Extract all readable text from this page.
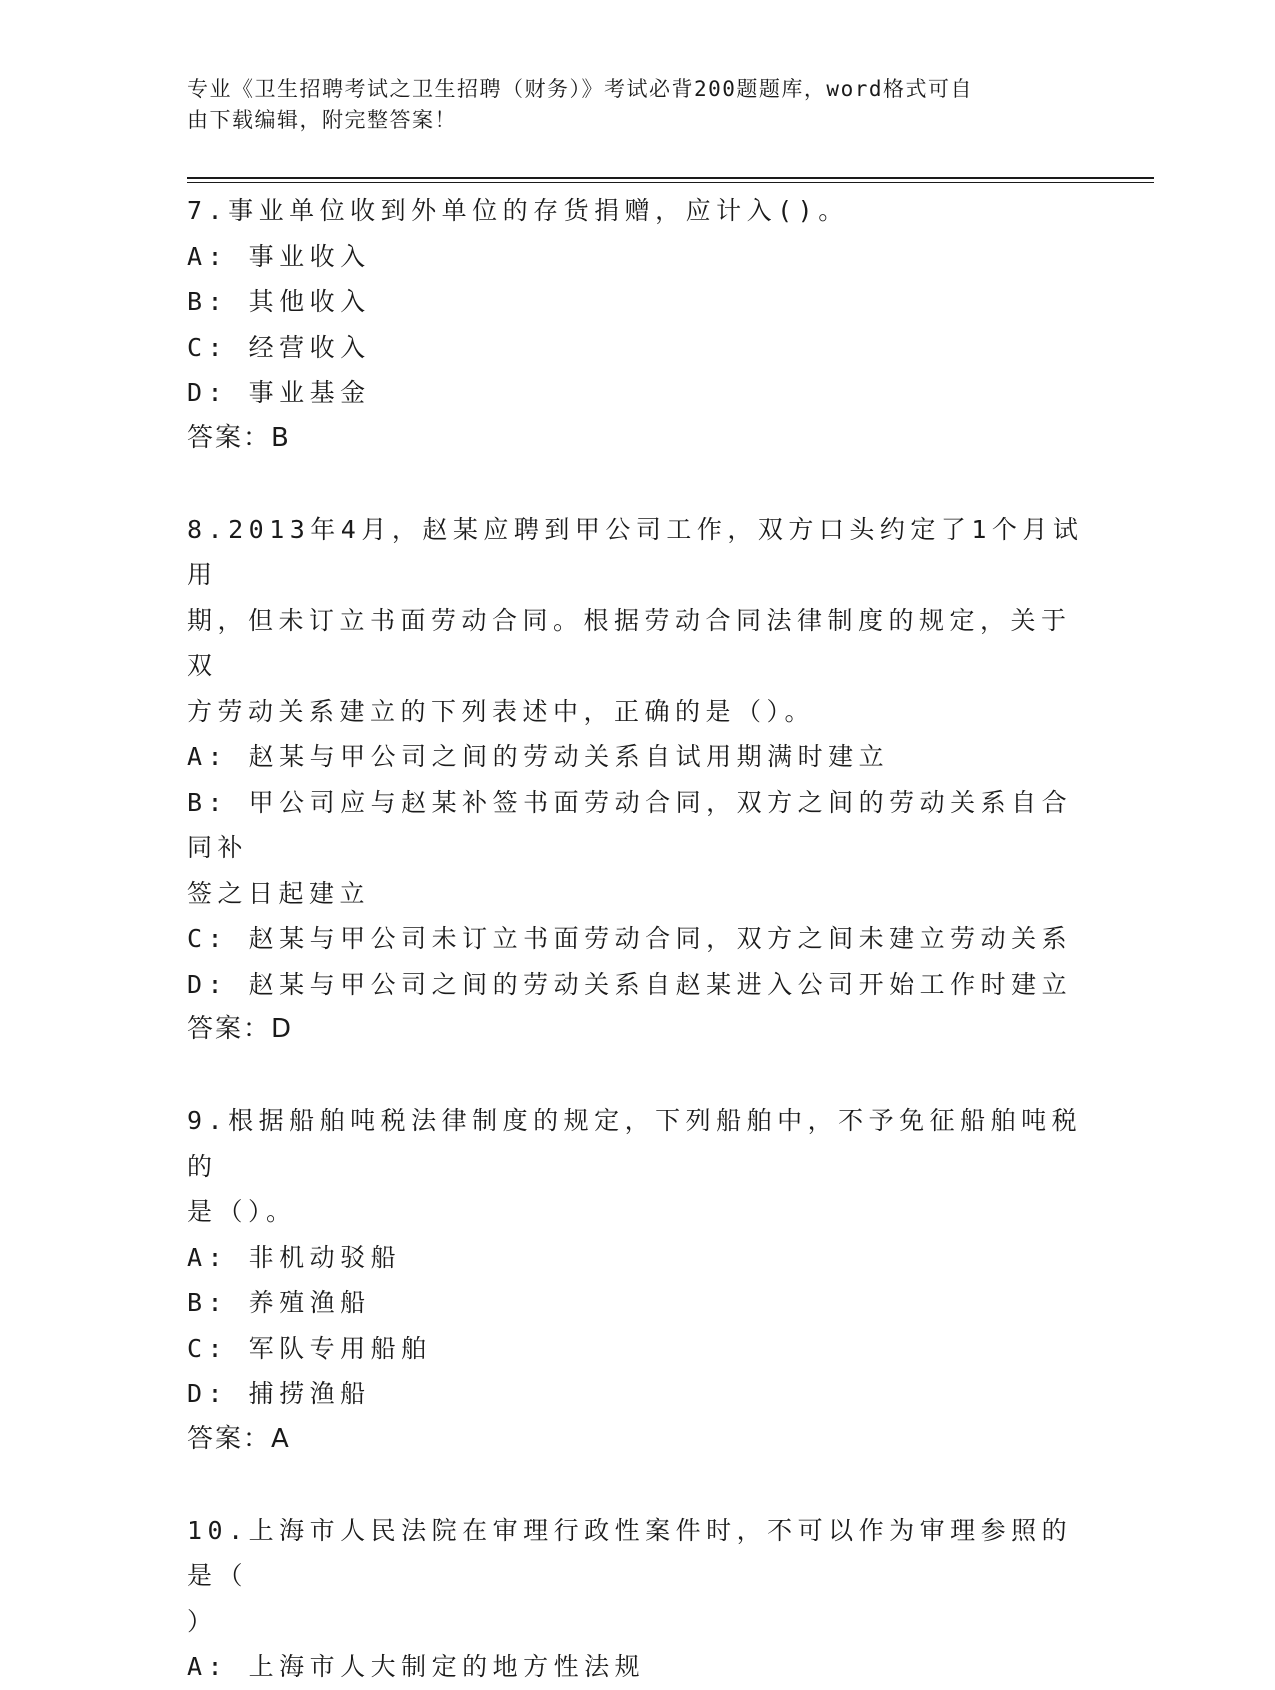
专业《卫生招聘考试之卫生招聘（财务）》考试必背200题题库，word格式可自
由下载编辑，附完整答案！
7.事业单位收到外单位的存货捐赠，应计入()。
A: 事业收入
B: 其他收入
C: 经营收入
D: 事业基金
答案：B
8.2013年4月，赵某应聘到甲公司工作，双方口头约定了1个月试用
期，但未订立书面劳动合同。根据劳动合同法律制度的规定，关于双
方劳动关系建立的下列表述中，正确的是（）。
A: 赵某与甲公司之间的劳动关系自试用期满时建立
B: 甲公司应与赵某补签书面劳动合同，双方之间的劳动关系自合同补
签之日起建立
C: 赵某与甲公司未订立书面劳动合同，双方之间未建立劳动关系
D: 赵某与甲公司之间的劳动关系自赵某进入公司开始工作时建立
答案：D
9.根据船舶吨税法律制度的规定，下列船舶中，不予免征船舶吨税的
是（）。
A: 非机动驳船
B: 养殖渔船
C: 军队专用船舶
D: 捕捞渔船
答案：A
10.上海市人民法院在审理行政性案件时，不可以作为审理参照的是（
）
A: 上海市人大制定的地方性法规
